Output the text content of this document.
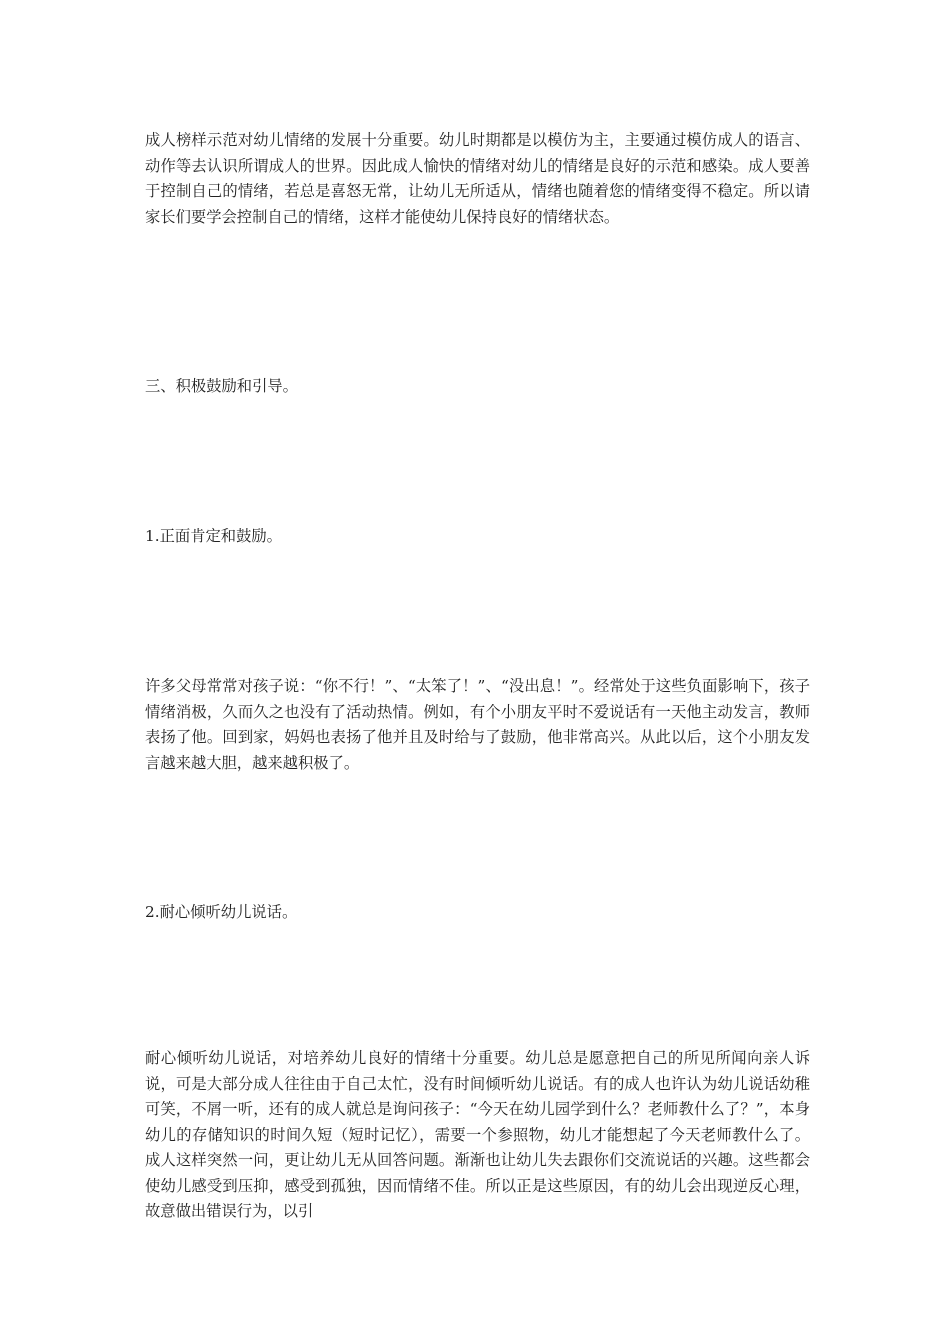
成人榜样示范对幼儿情绪的发展十分重要。幼儿时期都是以模仿为主，主要通过模仿成人的语言、动作等去认识所谓成人的世界。因此成人愉快的情绪对幼儿的情绪是良好的示范和感染。成人要善于控制自己的情绪，若总是喜怒无常，让幼儿无所适从，情绪也随着您的情绪变得不稳定。所以请家长们要学会控制自己的情绪，这样才能使幼儿保持良好的情绪状态。

三、积极鼓励和引导。

1.正面肯定和鼓励。

许多父母常常对孩子说：“你不行！”、“太笨了！”、“没出息！”。经常处于这些负面影响下，孩子情绪消极，久而久之也没有了活动热情。例如，有个小朋友平时不爱说话有一天他主动发言，教师表扬了他。回到家，妈妈也表扬了他并且及时给与了鼓励，他非常高兴。从此以后，这个小朋友发言越来越大胆，越来越积极了。

2.耐心倾听幼儿说话。

耐心倾听幼儿说话，对培养幼儿良好的情绪十分重要。幼儿总是愿意把自己的所见所闻向亲人诉说，可是大部分成人往往由于自己太忙，没有时间倾听幼儿说话。有的成人也许认为幼儿说话幼稚可笑，不屑一听，还有的成人就总是询问孩子：“今天在幼儿园学到什么？老师教什么了？”，本身幼儿的存储知识的时间久短（短时记忆），需要一个参照物，幼儿才能想起了今天老师教什么了。成人这样突然一问，更让幼儿无从回答问题。渐渐也让幼儿失去跟你们交流说话的兴趣。这些都会使幼儿感受到压抑，感受到孤独，因而情绪不佳。所以正是这些原因，有的幼儿会出现逆反心理，故意做出错误行为，以引
